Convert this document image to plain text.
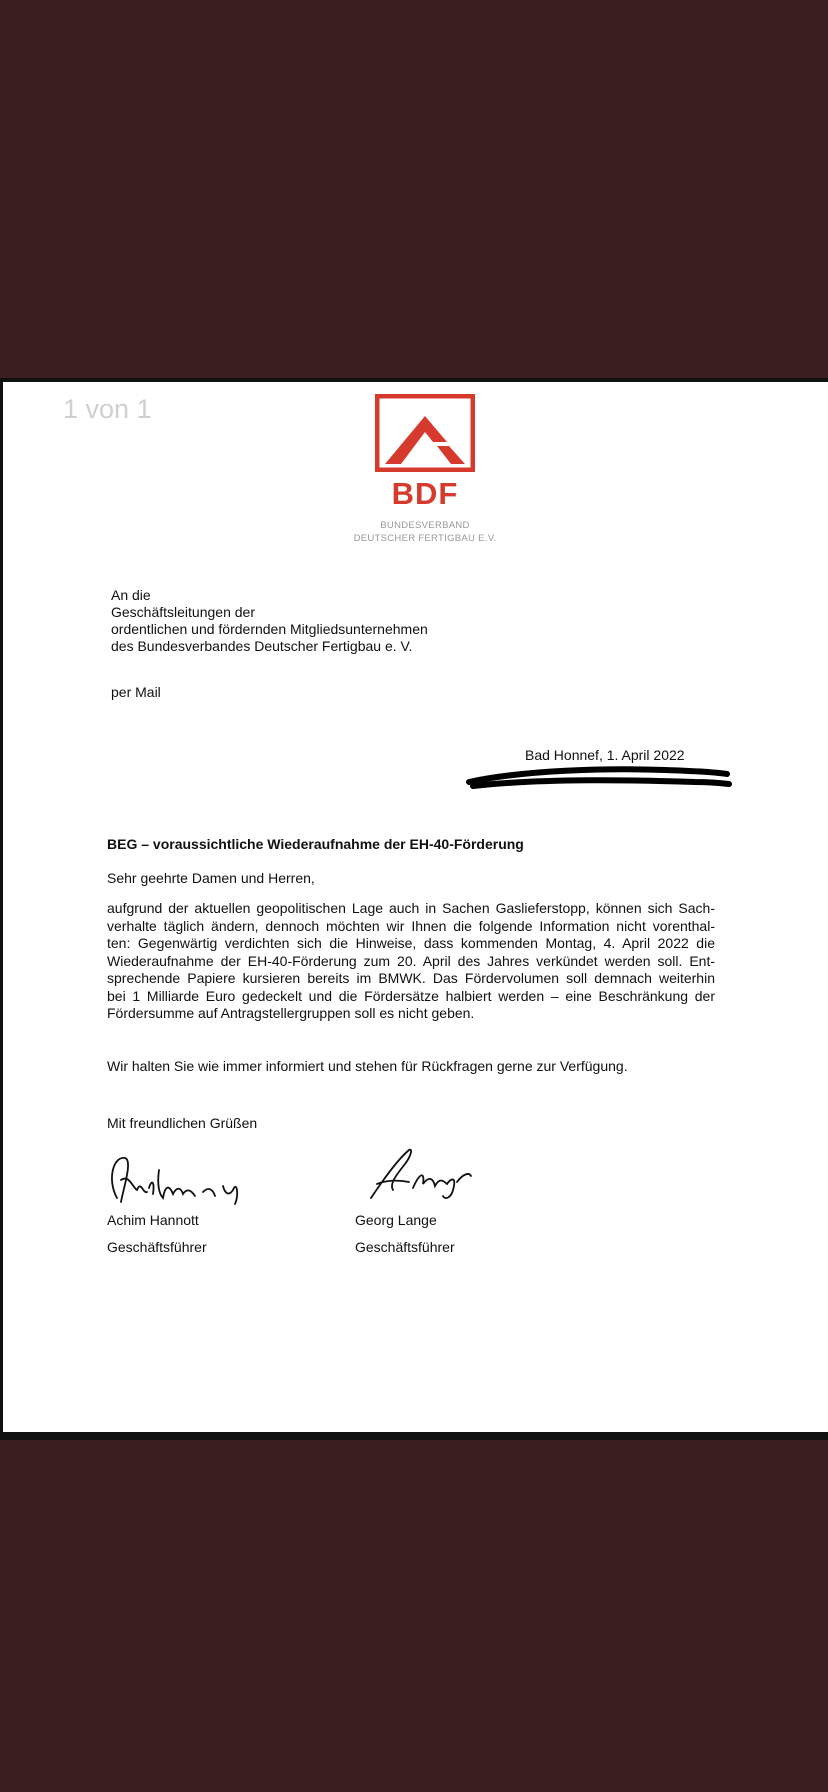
1 von 1
BDF
BUNDESVERBAND
DEUTSCHER FERTIGBAU E.V.
An die
Geschäftsleitungen der
ordentlichen und fördernden Mitgliedsunternehmen
des Bundesverbandes Deutscher Fertigbau e. V.
per Mail
Bad Honnef, 1. April 2022
BEG – voraussichtliche Wiederaufnahme der EH-40-Förderung
Sehr geehrte Damen und Herren,
aufgrund der aktuellen geopolitischen Lage auch in Sachen Gaslieferstopp, können sich Sach-
verhalte täglich ändern, dennoch möchten wir Ihnen die folgende Information nicht vorenthal-
ten: Gegenwärtig verdichten sich die Hinweise, dass kommenden Montag, 4. April 2022 die
Wiederaufnahme der EH-40-Förderung zum 20. April des Jahres verkündet werden soll. Ent-
sprechende Papiere kursieren bereits im BMWK. Das Fördervolumen soll demnach weiterhin
bei 1 Milliarde Euro gedeckelt und die Fördersätze halbiert werden – eine Beschränkung der
Fördersumme auf Antragstellergruppen soll es nicht geben.
Wir halten Sie wie immer informiert und stehen für Rückfragen gerne zur Verfügung.
Mit freundlichen Grüßen
Achim Hannott	Georg Lange
Geschäftsführer	Geschäftsführer
